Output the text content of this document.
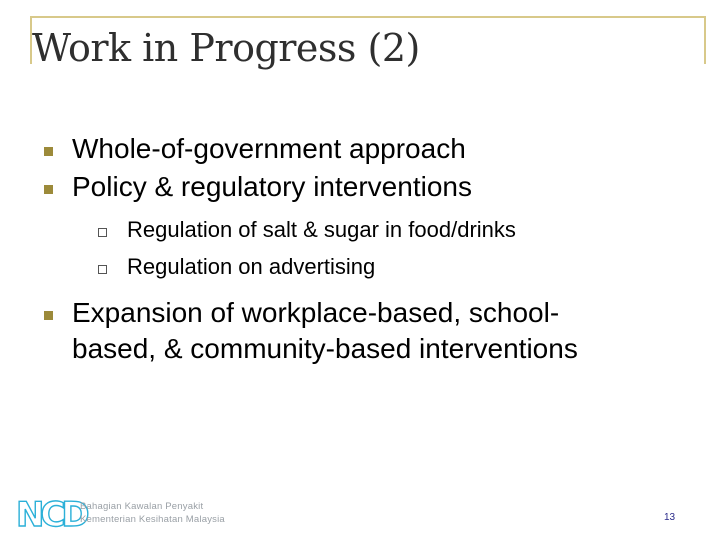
Work in Progress (2)
Whole-of-government approach
Policy & regulatory interventions
Regulation of salt & sugar in food/drinks
Regulation on advertising
Expansion of workplace-based, school-
based, & community-based interventions
NCD
Bahagian Kawalan Penyakit
Kementerian Kesihatan Malaysia	13
